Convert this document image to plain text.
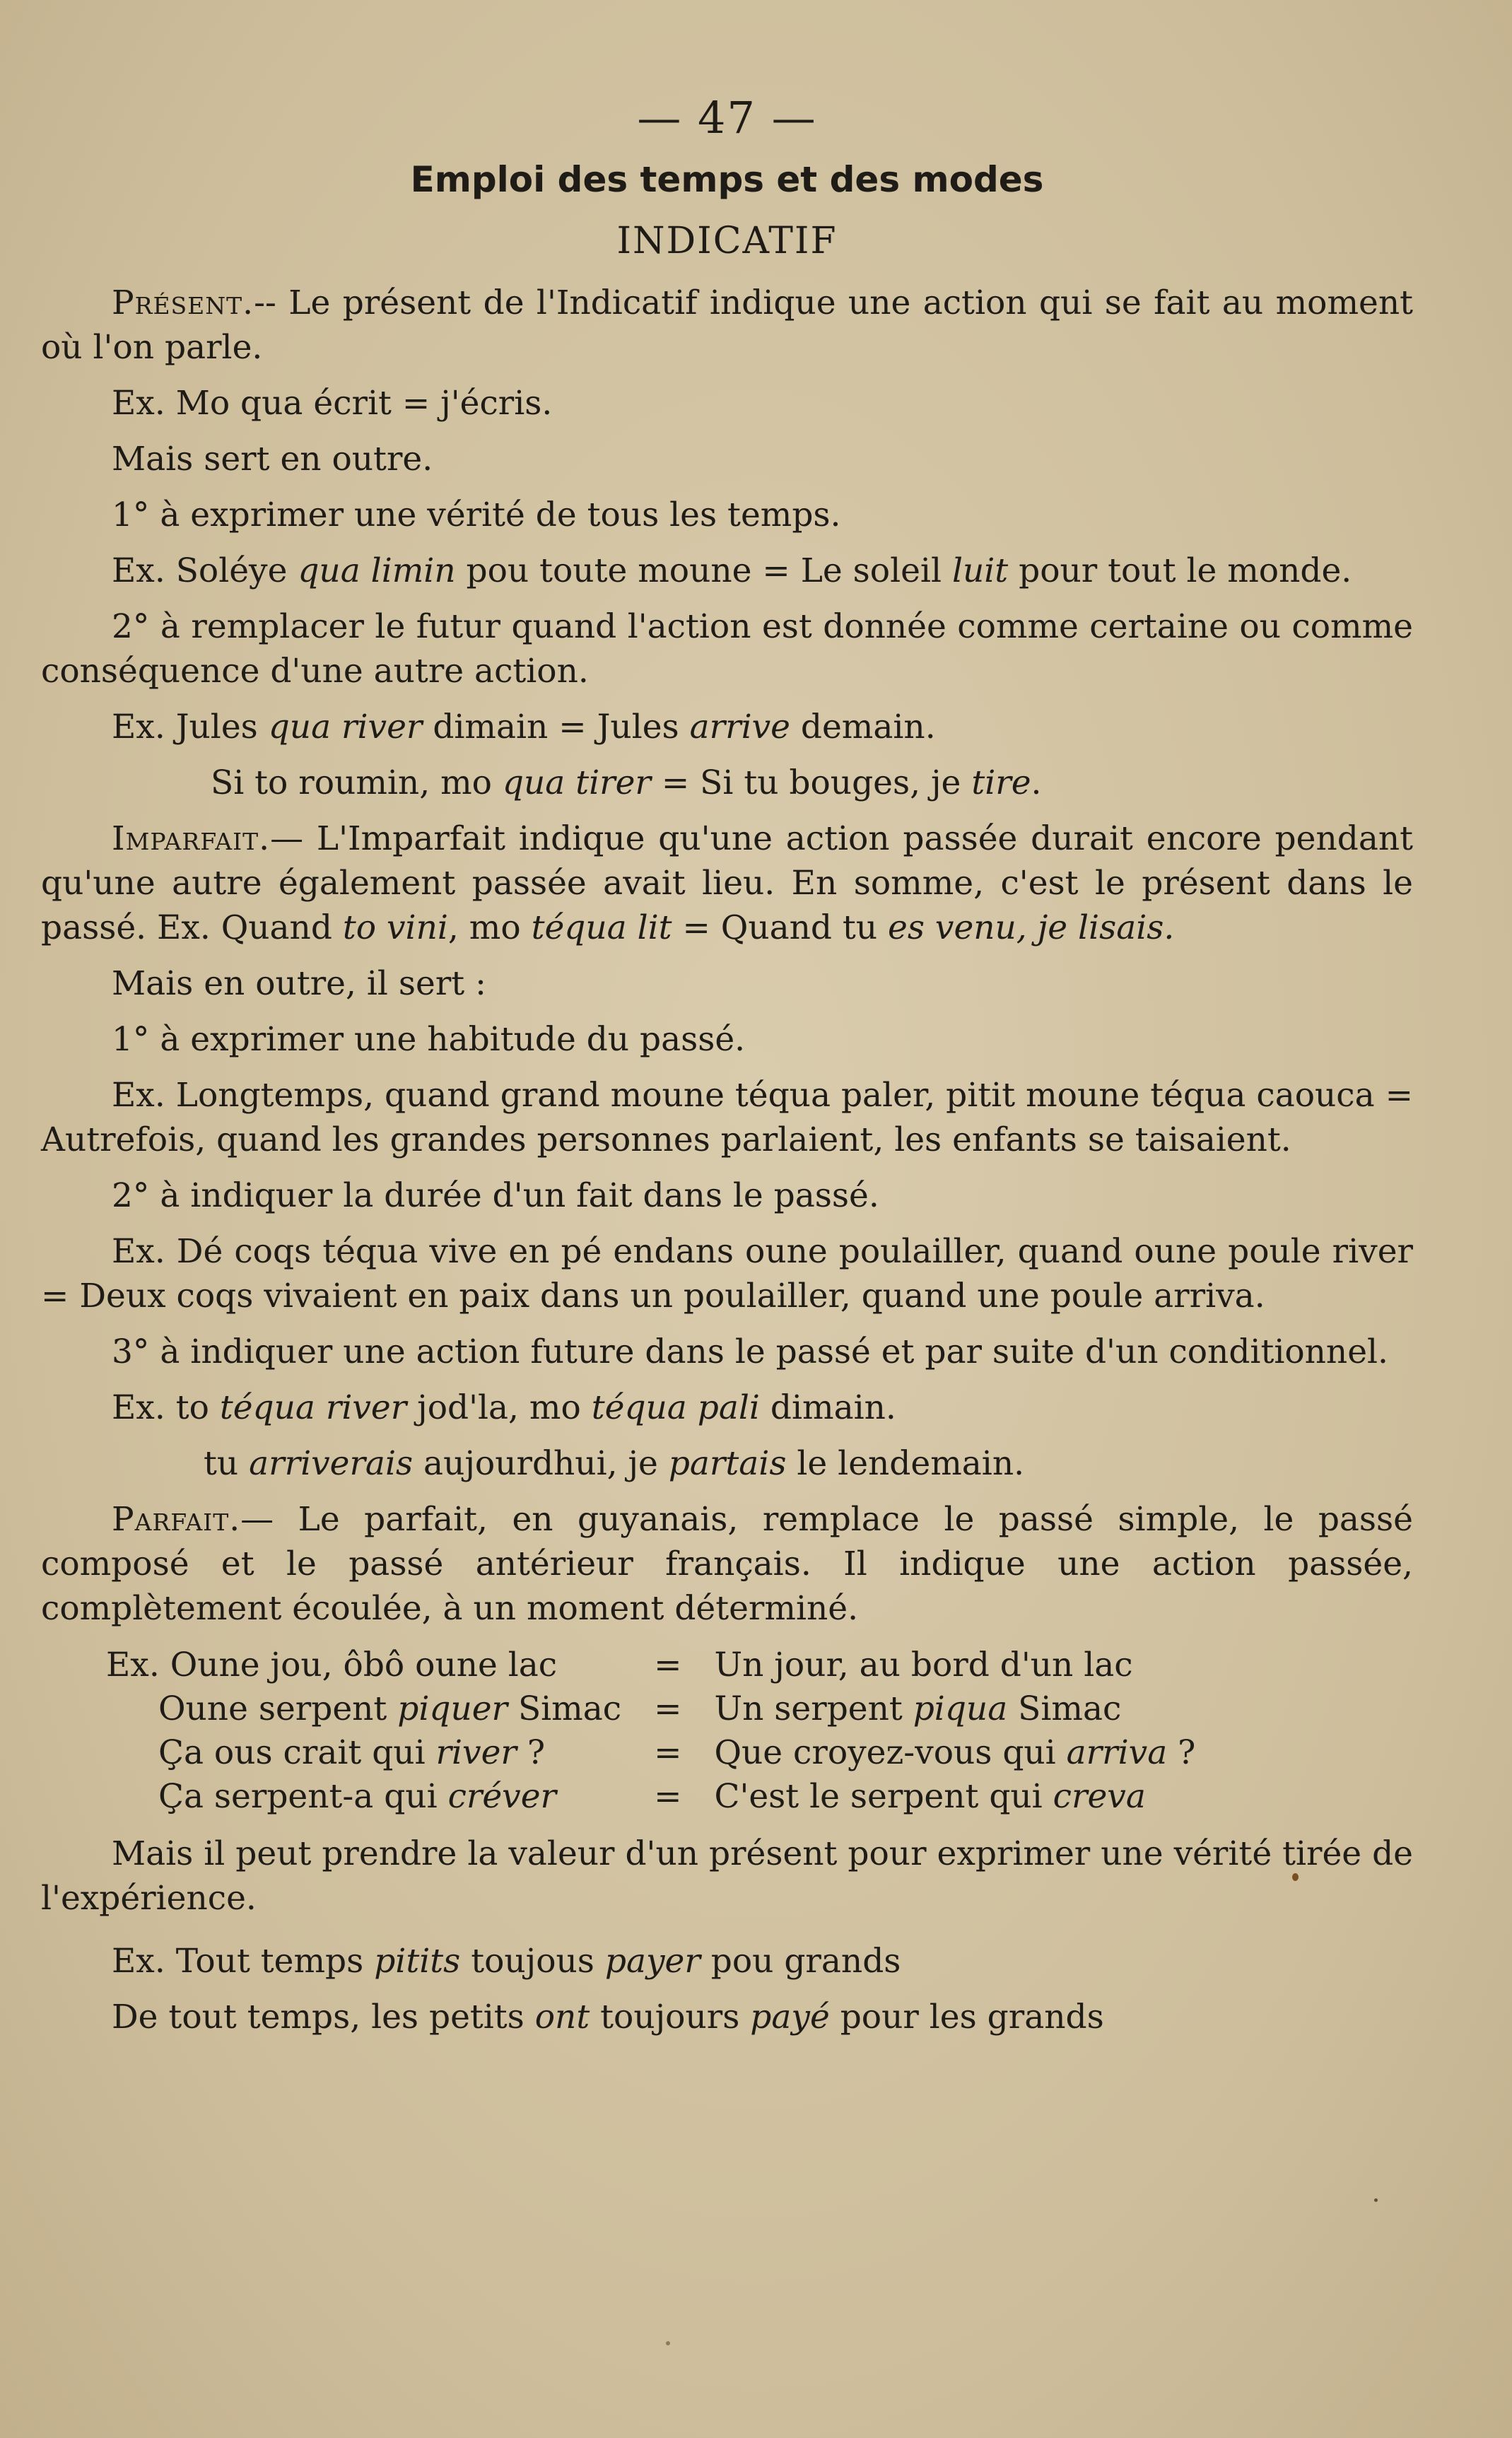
— 47 —
Emploi des temps et des modes
INDICATIF

Présent.-- Le présent de l'Indicatif indique une action qui se fait au moment où l'on parle.

Ex. Mo qua écrit = j'écris.

Mais sert en outre.

1° à exprimer une vérité de tous les temps.

Ex. Soléye qua limin pou toute moune = Le soleil luit pour tout le monde.

2° à remplacer le futur quand l'action est donnée comme certaine ou comme conséquence d'une autre action.

Ex. Jules qua river dimain = Jules arrive demain.

Si to roumin, mo qua tirer = Si tu bouges, je tire.

Imparfait.— L'Imparfait indique qu'une action passée durait encore pendant qu'une autre également passée avait lieu. En somme, c'est le présent dans le passé. Ex. Quand to vini, mo téqua lit = Quand tu es venu, je lisais.

Mais en outre, il sert :

1° à exprimer une habitude du passé.

Ex. Longtemps, quand grand moune téqua paler, pitit moune téqua caouca = Autrefois, quand les grandes personnes parlaient, les enfants se taisaient.

2° à indiquer la durée d'un fait dans le passé.

Ex. Dé coqs téqua vive en pé endans oune poulailler, quand oune poule river = Deux coqs vivaient en paix dans un poulailler, quand une poule arriva.

3° à indiquer une action future dans le passé et par suite d'un conditionnel.

Ex. to téqua river jod'la, mo téqua pali dimain.

tu arriverais aujourdhui, je partais le lendemain.

Parfait.— Le parfait, en guyanais, remplace le passé simple, le passé composé et le passé antérieur français. Il indique une action passée, complètement écoulée, à un moment déterminé.

Ex. Oune jou, ôbô oune lac	=	Un jour, au bord d'un lac
Oune serpent piquer Simac	=	Un serpent piqua Simac
Ça ous crait qui river ?	=	Que croyez-vous qui arriva ?
Ça serpent-a qui créver	=	C'est le serpent qui creva

Mais il peut prendre la valeur d'un présent pour exprimer une vérité tirée de l'expérience.

Ex. Tout temps pitits toujous payer pou grands

De tout temps, les petits ont toujours payé pour les grands
